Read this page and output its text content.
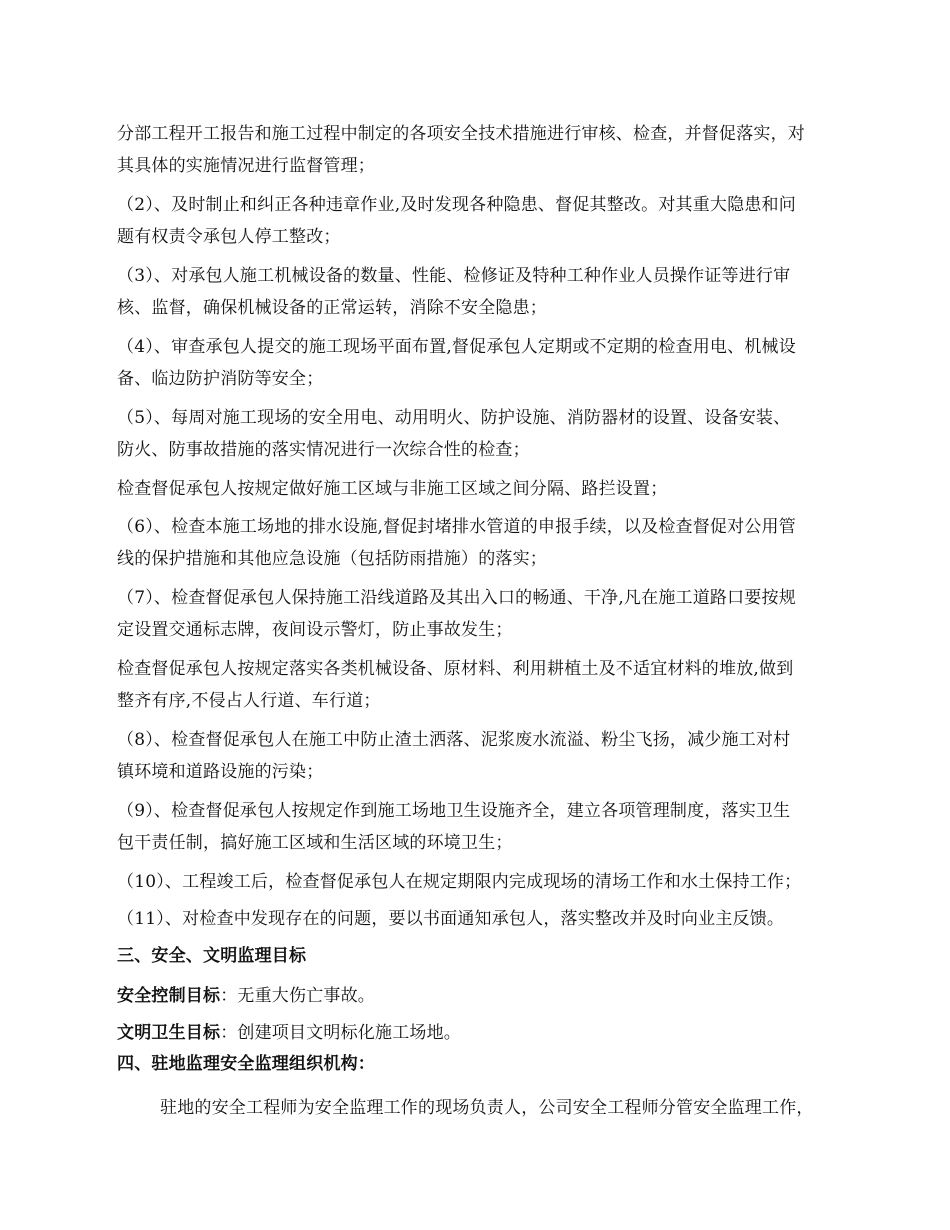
分部工程开工报告和施工过程中制定的各项安全技术措施进行审核、检查，并督促落实，对
其具体的实施情况进行监督管理；
（2）、及时制止和纠正各种违章作业,及时发现各种隐患、督促其整改。对其重大隐患和问
题有权责令承包人停工整改；
（3）、对承包人施工机械设备的数量、性能、检修证及特种工种作业人员操作证等进行审
核、监督，确保机械设备的正常运转，消除不安全隐患；
（4）、审查承包人提交的施工现场平面布置,督促承包人定期或不定期的检查用电、机械设
备、临边防护消防等安全；
（5）、每周对施工现场的安全用电、动用明火、防护设施、消防器材的设置、设备安装、
防火、防事故措施的落实情况进行一次综合性的检查；
检查督促承包人按规定做好施工区域与非施工区域之间分隔、路拦设置；
（6）、检查本施工场地的排水设施,督促封堵排水管道的申报手续，以及检查督促对公用管
线的保护措施和其他应急设施（包括防雨措施）的落实；
（7）、检查督促承包人保持施工沿线道路及其出入口的畅通、干净,凡在施工道路口要按规
定设置交通标志牌，夜间设示警灯，防止事故发生；
检查督促承包人按规定落实各类机械设备、原材料、利用耕植土及不适宜材料的堆放,做到
整齐有序,不侵占人行道、车行道；
（8）、检查督促承包人在施工中防止渣土洒落、泥浆废水流溢、粉尘飞扬，减少施工对村
镇环境和道路设施的污染；
（9）、检查督促承包人按规定作到施工场地卫生设施齐全，建立各项管理制度，落实卫生
包干责任制，搞好施工区域和生活区域的环境卫生；
（10）、工程竣工后，检查督促承包人在规定期限内完成现场的清场工作和水土保持工作；
（11）、对检查中发现存在的问题，要以书面通知承包人，落实整改并及时向业主反馈。
三、安全、文明监理目标
安全控制目标：无重大伤亡事故。
文明卫生目标：创建项目文明标化施工场地。
四、驻地监理安全监理组织机构：
驻地的安全工程师为安全监理工作的现场负责人，公司安全工程师分管安全监理工作，
